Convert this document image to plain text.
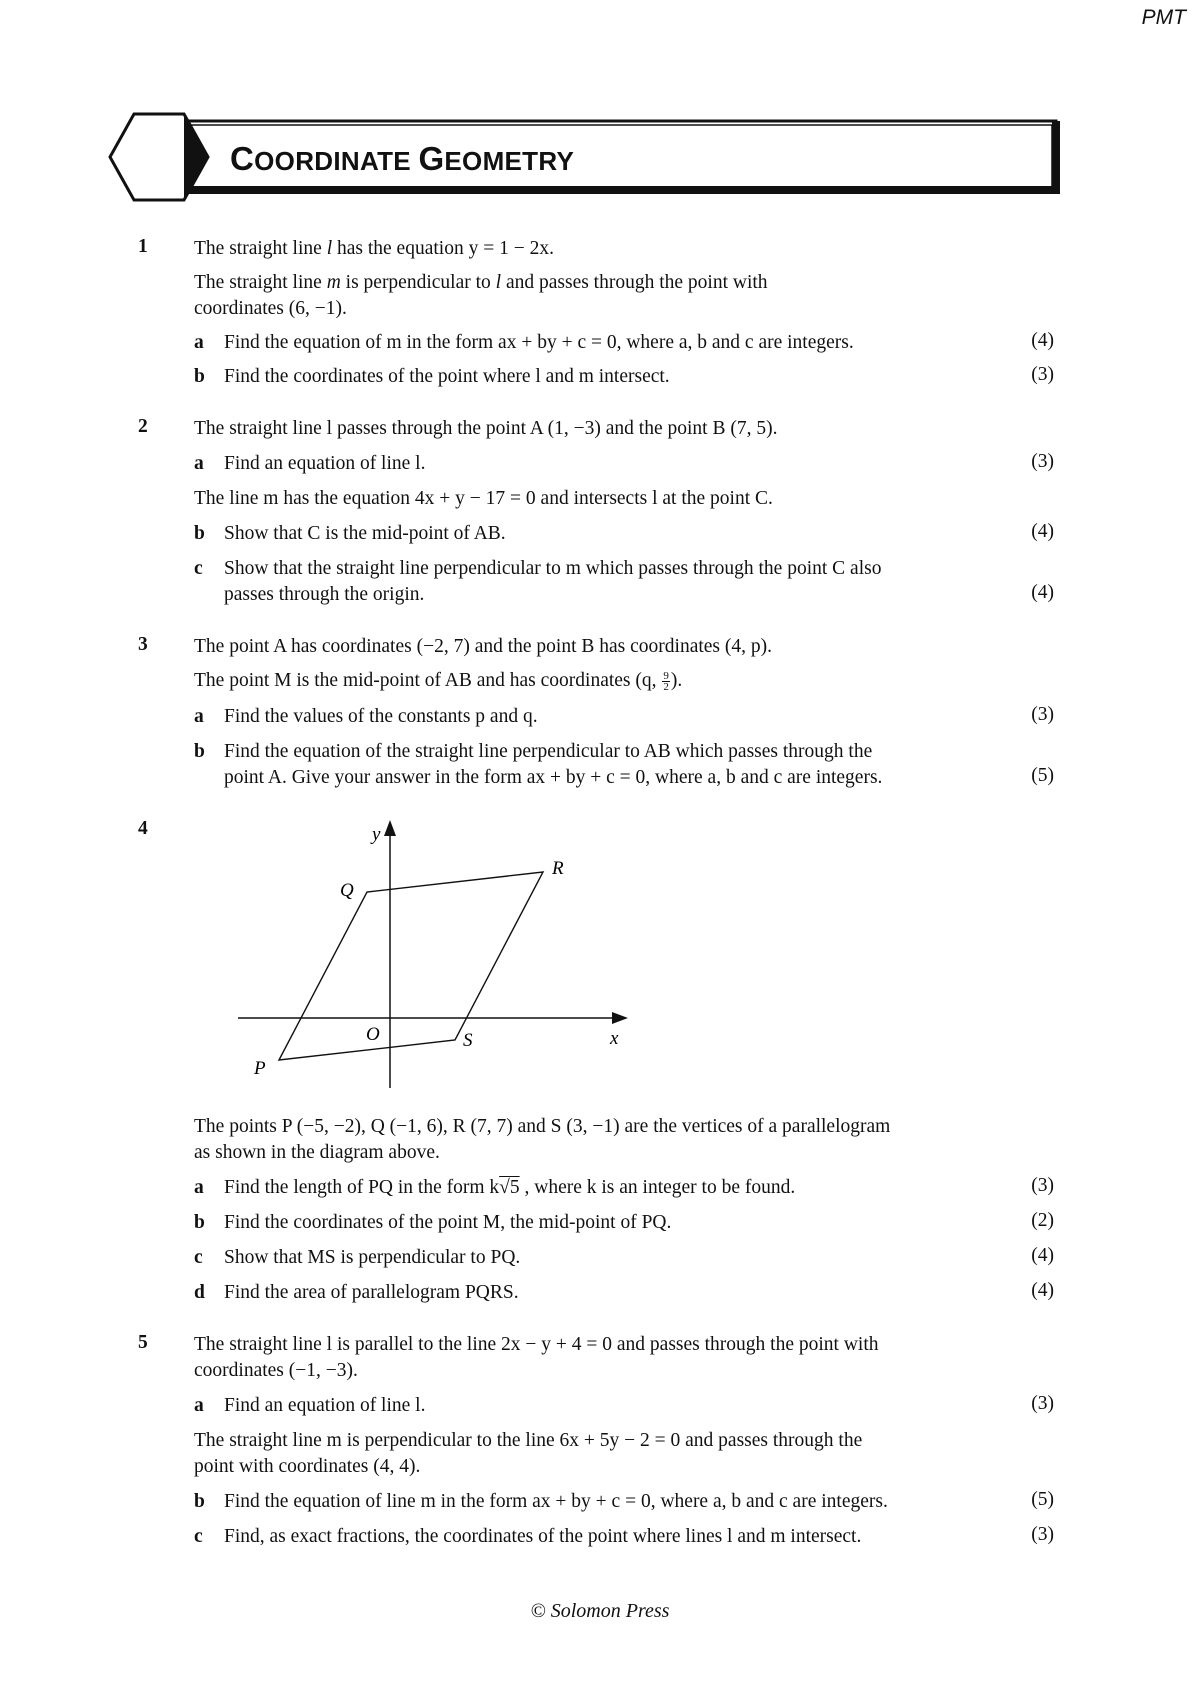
PMT
COORDINATE GEOMETRY
1 The straight line l has the equation y = 1 − 2x.
The straight line m is perpendicular to l and passes through the point with
coordinates (6, −1).
a Find the equation of m in the form ax + by + c = 0, where a, b and c are integers.	(4)
b Find the coordinates of the point where l and m intersect.	(3)
2 The straight line l passes through the point A (1, −3) and the point B (7, 5).
a Find an equation of line l.	(3)
The line m has the equation 4x + y − 17 = 0 and intersects l at the point C.
b Show that C is the mid-point of AB.	(4)
c Show that the straight line perpendicular to m which passes through the point C also
passes through the origin.	(4)
3 The point A has coordinates (−2, 7) and the point B has coordinates (4, p).
The point M is the mid-point of AB and has coordinates (q, $\frac{9}{2}$ ).
a Find the values of the constants p and q.	(3)
b Find the equation of the straight line perpendicular to AB which passes through the
point A. Give your answer in the form ax + by + c = 0, where a, b and c are integers.	(5)
4	y
x
O
P
Q
R
S
The points P (−5, −2), Q (−1, 6), R (7, 7) and S (3, −1) are the vertices of a parallelogram
as shown in the diagram above.
a Find the length of PQ in the form k√5 , where k is an integer to be found.	(3)
b Find the coordinates of the point M, the mid-point of PQ.	(2)
c Show that MS is perpendicular to PQ.	(4)
d Find the area of parallelogram PQRS.	(4)
5 The straight line l is parallel to the line 2x − y + 4 = 0 and passes through the point with
coordinates (−1, −3).
a Find an equation of line l.	(3)
The straight line m is perpendicular to the line 6x + 5y − 2 = 0 and passes through the
point with coordinates (4, 4).
b Find the equation of line m in the form ax + by + c = 0, where a, b and c are integers.	(5)
c Find, as exact fractions, the coordinates of the point where lines l and m intersect.	(3)
© Solomon Press
